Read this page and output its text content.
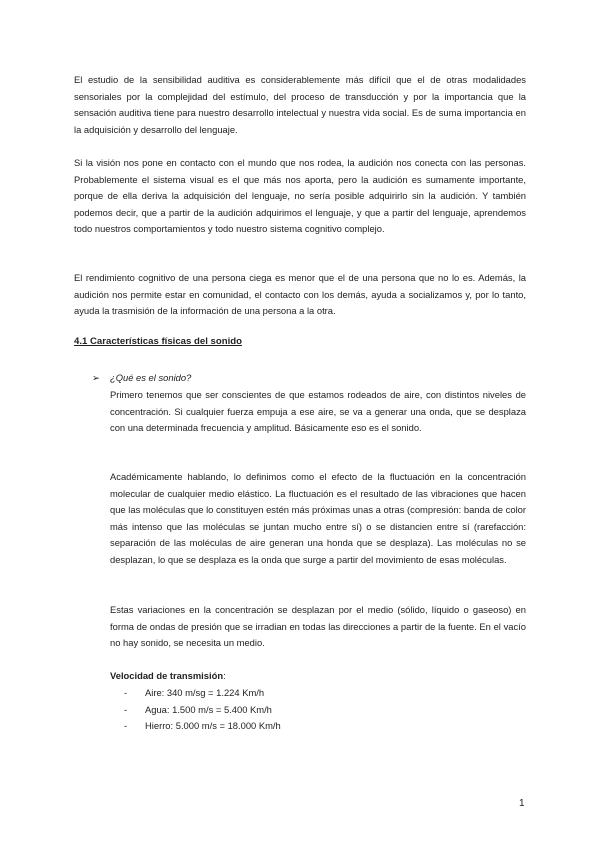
El estudio de la sensibilidad auditiva es considerablemente más difícil que el de otras modalidades sensoriales por la complejidad del estímulo, del proceso de transducción y por la importancia que la sensación auditiva tiene para nuestro desarrollo intelectual y nuestra vida social. Es de suma importancia en la adquisición y desarrollo del lenguaje.

Si la visión nos pone en contacto con el mundo que nos rodea, la audición nos conecta con las personas. Probablemente el sistema visual es el que más nos aporta, pero la audición es sumamente importante, porque de ella deriva la adquisición del lenguaje, no sería posible adquirirlo sin la audición. Y también podemos decir, que a partir de la audición adquirimos el lenguaje, y que a partir del lenguaje, aprendemos todo nuestros comportamientos y todo nuestro sistema cognitivo complejo.

El rendimiento cognitivo de una persona ciega es menor que el de una persona que no lo es. Además, la audición nos permite estar en comunidad, el contacto con los demás, ayuda a socializamos y, por lo tanto, ayuda la trasmisión de la información de una persona a la otra.

4.1 Características físicas del sonido

➢ ¿Qué es el sonido?

Primero tenemos que ser conscientes de que estamos rodeados de aire, con distintos niveles de concentración. Si cualquier fuerza empuja a ese aire, se va a generar una onda, que se desplaza con una determinada frecuencia y amplitud. Básicamente eso es el sonido.

Académicamente hablando, lo definimos como el efecto de la fluctuación en la concentración molecular de cualquier medio elástico. La fluctuación es el resultado de las vibraciones que hacen que las moléculas que lo constituyen estén más próximas unas a otras (compresión: banda de color más intenso que las moléculas se juntan mucho entre sí) o se distancien entre sí (rarefacción: separación de las moléculas de aire generan una honda que se desplaza). Las moléculas no se desplazan, lo que se desplaza es la onda que surge a partir del movimiento de esas moléculas.

Estas variaciones en la concentración se desplazan por el medio (sólido, líquido o gaseoso) en forma de ondas de presión que se irradian en todas las direcciones a partir de la fuente. En el vacío no hay sonido, se necesita un medio.

Velocidad de transmisión:
- Aire: 340 m/sg = 1.224 Km/h
- Agua: 1.500 m/s = 5.400 Km/h
- Hierro: 5.000 m/s = 18.000 Km/h
1
